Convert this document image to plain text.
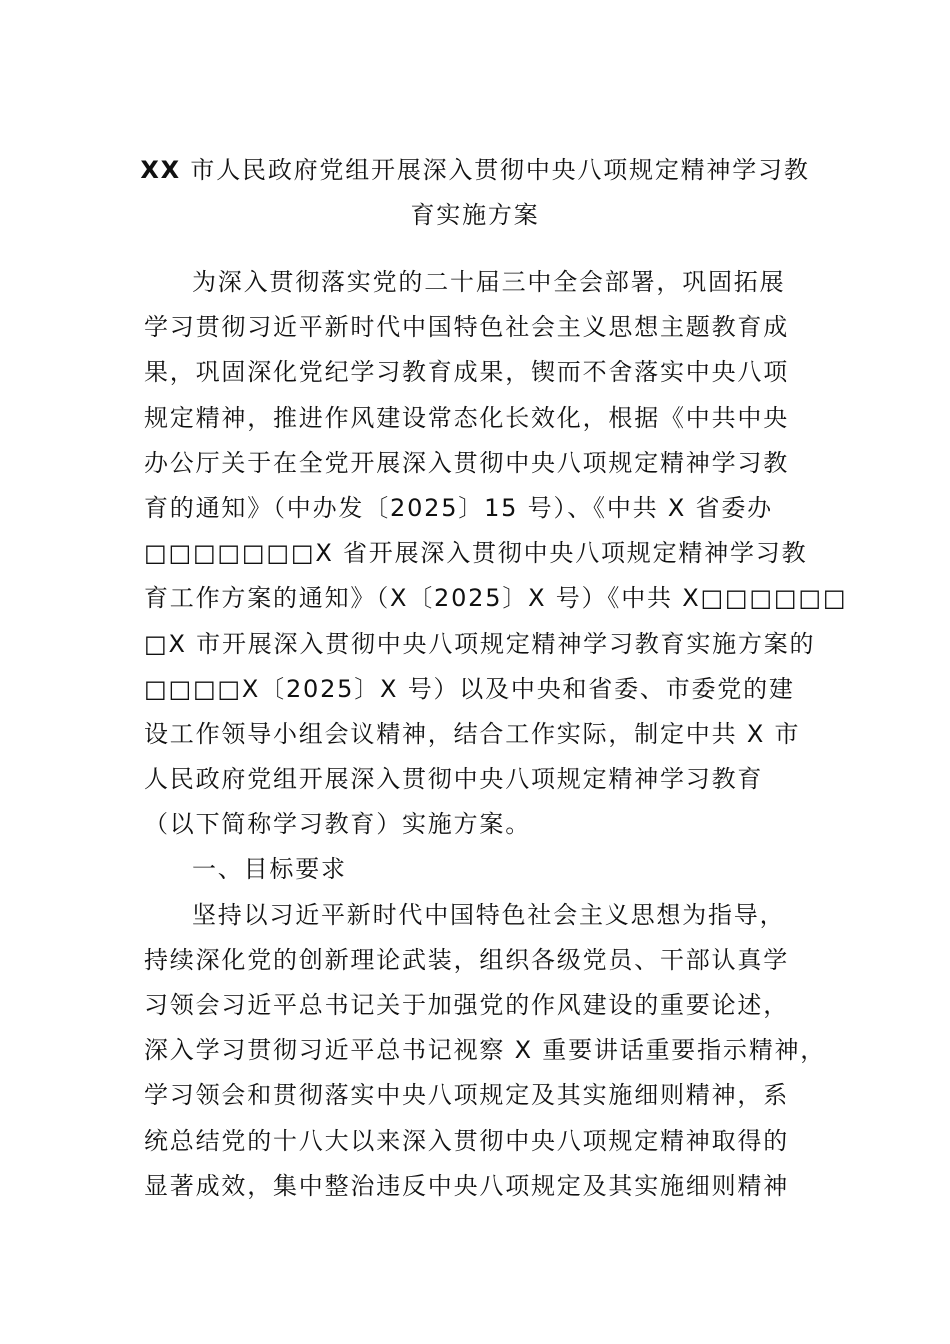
XX 市人民政府党组开展深入贯彻中央八项规定精神学习教
育实施方案
为深入贯彻落实党的二十届三中全会部署，巩固拓展
学习贯彻习近平新时代中国特色社会主义思想主题教育成
果，巩固深化党纪学习教育成果，锲而不舍落实中央八项
规定精神，推进作风建设常态化长效化，根据《中共中央
办公厅关于在全党开展深入贯彻中央八项规定精神学习教
育的通知》（中办发〔2025〕15 号）、《中共 X 省委办
□□□□□□□X 省开展深入贯彻中央八项规定精神学习教
育工作方案的通知》（X〔2025〕X 号）《中共 X□□□□□□
□X 市开展深入贯彻中央八项规定精神学习教育实施方案的
□□□□X〔2025〕X 号）以及中央和省委、市委党的建
设工作领导小组会议精神，结合工作实际，制定中共 X 市
人民政府党组开展深入贯彻中央八项规定精神学习教育
（以下简称学习教育）实施方案。
一、目标要求
坚持以习近平新时代中国特色社会主义思想为指导，
持续深化党的创新理论武装，组织各级党员、干部认真学
习领会习近平总书记关于加强党的作风建设的重要论述，
深入学习贯彻习近平总书记视察 X 重要讲话重要指示精神，
学习领会和贯彻落实中央八项规定及其实施细则精神，系
统总结党的十八大以来深入贯彻中央八项规定精神取得的
显著成效，集中整治违反中央八项规定及其实施细则精神
